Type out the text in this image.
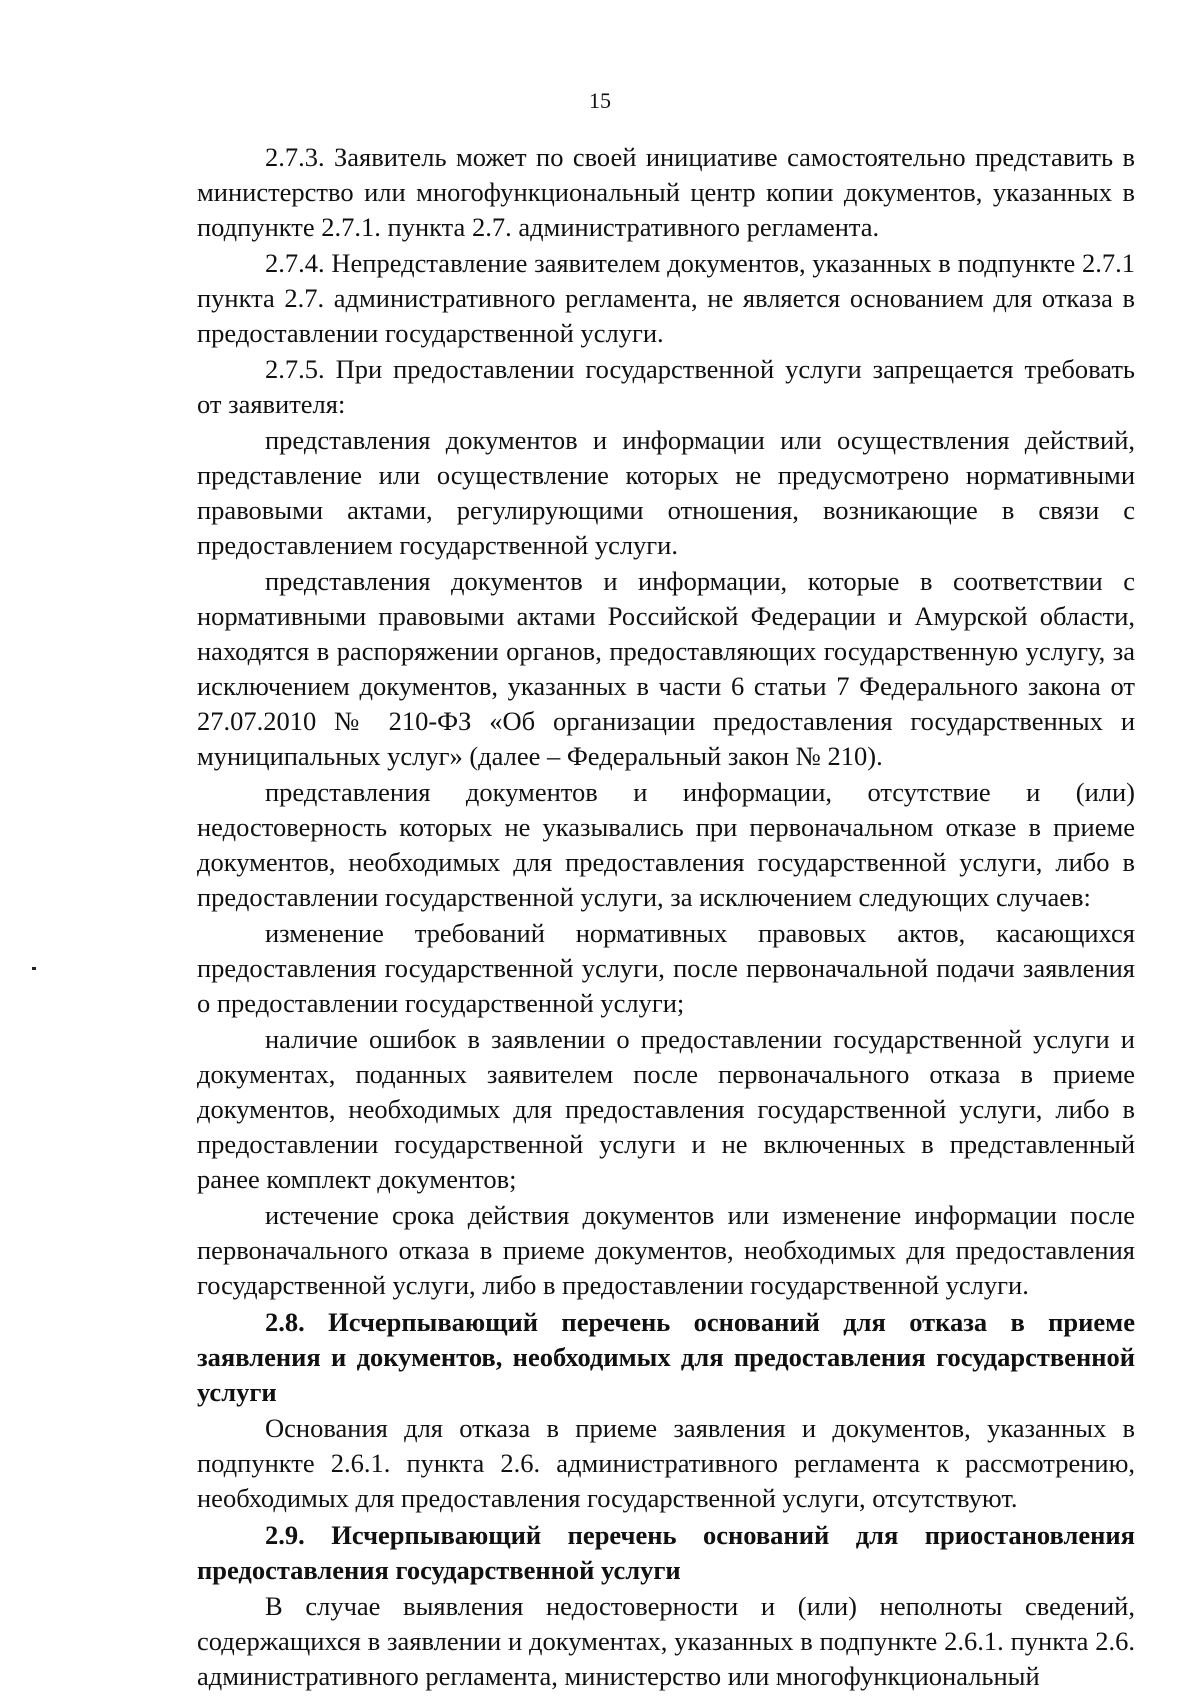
15

2.7.3. Заявитель может по своей инициативе самостоятельно представить в министерство или многофункциональный центр копии документов, указанных в подпункте 2.7.1. пункта 2.7. административного регламента.

2.7.4. Непредставление заявителем документов, указанных в подпункте 2.7.1 пункта 2.7. административного регламента, не является основанием для отказа в предоставлении государственной услуги.

2.7.5. При предоставлении государственной услуги запрещается требовать от заявителя:

представления документов и информации или осуществления действий, представление или осуществление которых не предусмотрено нормативными правовыми актами, регулирующими отношения, возникающие в связи с предоставлением государственной услуги.

представления документов и информации, которые в соответствии с нормативными правовыми актами Российской Федерации и Амурской области, находятся в распоряжении органов, предоставляющих государственную услугу, за исключением документов, указанных в части 6 статьи 7 Федерального закона от 27.07.2010 № 210-ФЗ «Об организации предоставления государственных и муниципальных услуг» (далее – Федеральный закон № 210).

представления документов и информации, отсутствие и (или) недостоверность которых не указывались при первоначальном отказе в приеме документов, необходимых для предоставления государственной услуги, либо в предоставлении государственной услуги, за исключением следующих случаев:

изменение требований нормативных правовых актов, касающихся предоставления государственной услуги, после первоначальной подачи заявления о предоставлении государственной услуги;

наличие ошибок в заявлении о предоставлении государственной услуги и документах, поданных заявителем после первоначального отказа в приеме документов, необходимых для предоставления государственной услуги, либо в предоставлении государственной услуги и не включенных в представленный ранее комплект документов;

истечение срока действия документов или изменение информации после первоначального отказа в приеме документов, необходимых для предоставления государственной услуги, либо в предоставлении государственной услуги.

2.8. Исчерпывающий перечень оснований для отказа в приеме заявления и документов, необходимых для предоставления государственной услуги

Основания для отказа в приеме заявления и документов, указанных в подпункте 2.6.1. пункта 2.6. административного регламента к рассмотрению, необходимых для предоставления государственной услуги, отсутствуют.

2.9. Исчерпывающий перечень оснований для приостановления предоставления государственной услуги

В случае выявления недостоверности и (или) неполноты сведений, содержащихся в заявлении и документах, указанных в подпункте 2.6.1. пункта 2.6. административного регламента, министерство или многофункциональный
